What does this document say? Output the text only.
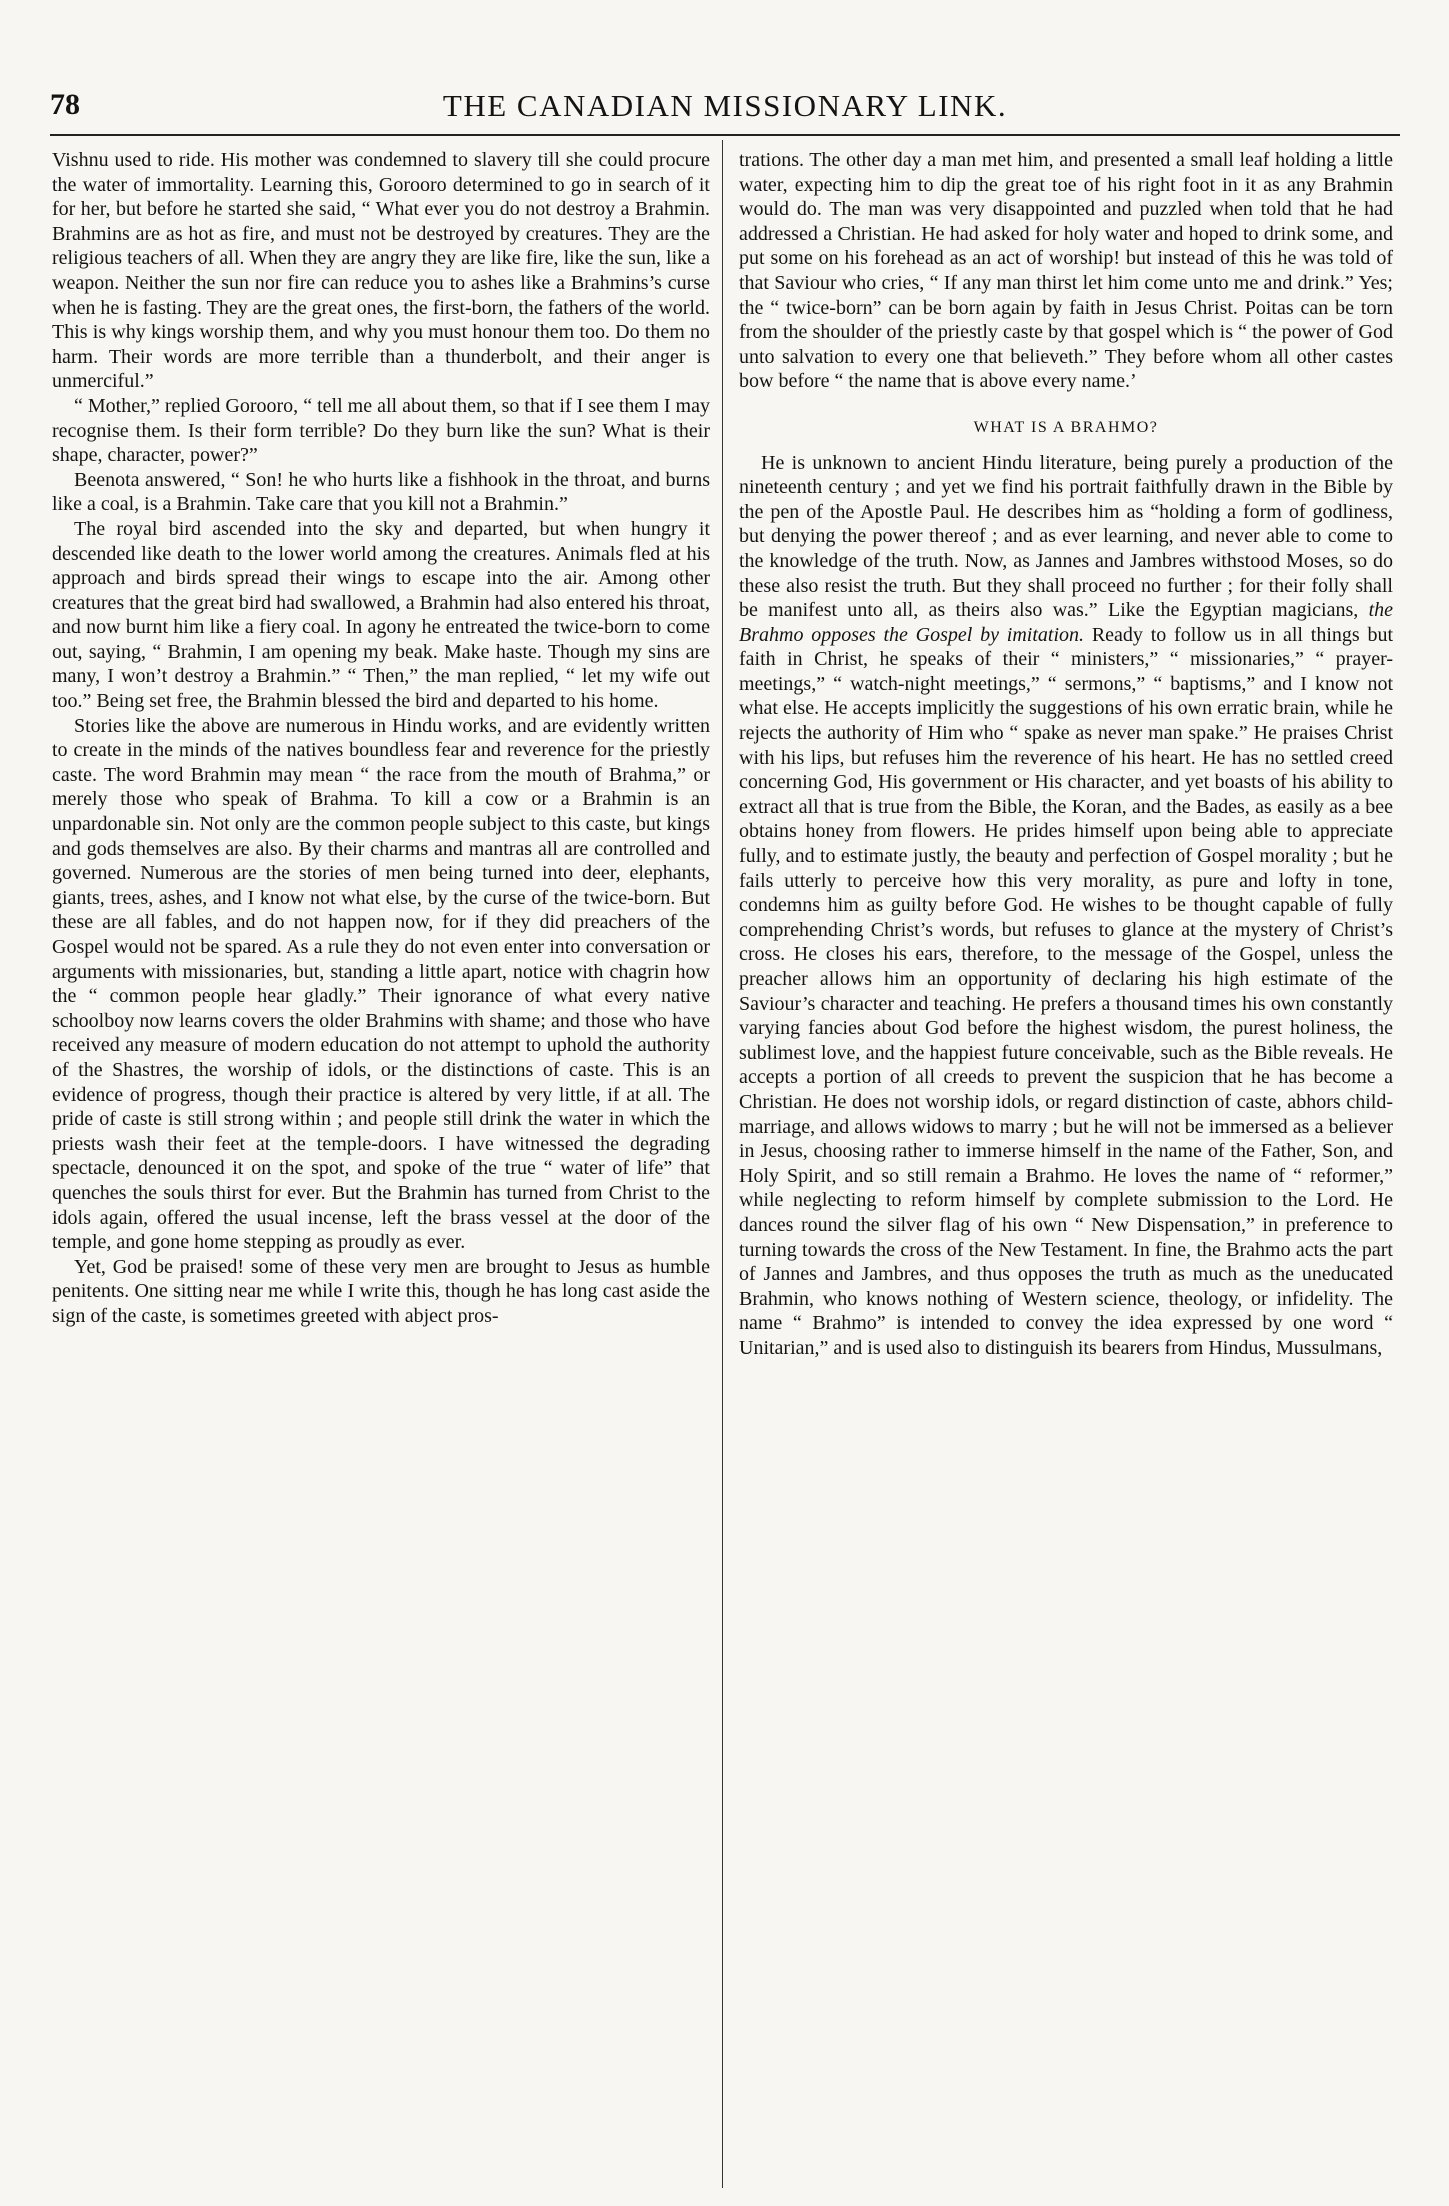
78	THE CANADIAN MISSIONARY LINK.

Vishnu used to ride. His mother was condemned to slavery till she could procure the water of immortality. Learning this, Gorooro determined to go in search of it for her, but before he started she said, “ What ever you do not destroy a Brahmin. Brahmins are as hot as fire, and must not be destroyed by creatures. They are the religious teachers of all. When they are angry they are like fire, like the sun, like a weapon. Neither the sun nor fire can reduce you to ashes like a Brahmins’s curse when he is fasting. They are the great ones, the first-born, the fathers of the world. This is why kings worship them, and why you must honour them too. Do them no harm. Their words are more terrible than a thunderbolt, and their anger is unmerciful.”

“ Mother,” replied Gorooro, “ tell me all about them, so that if I see them I may recognise them. Is their form terrible? Do they burn like the sun? What is their shape, character, power?”

Beenota answered, “ Son! he who hurts like a fishhook in the throat, and burns like a coal, is a Brahmin. Take care that you kill not a Brahmin.”

The royal bird ascended into the sky and departed, but when hungry it descended like death to the lower world among the creatures. Animals fled at his approach and birds spread their wings to escape into the air. Among other creatures that the great bird had swallowed, a Brahmin had also entered his throat, and now burnt him like a fiery coal. In agony he entreated the twice-born to come out, saying, “ Brahmin, I am opening my beak. Make haste. Though my sins are many, I won’t destroy a Brahmin.” “ Then,” the man replied, “ let my wife out too.” Being set free, the Brahmin blessed the bird and departed to his home.

Stories like the above are numerous in Hindu works, and are evidently written to create in the minds of the natives boundless fear and reverence for the priestly caste. The word Brahmin may mean “ the race from the mouth of Brahma,” or merely those who speak of Brahma. To kill a cow or a Brahmin is an unpardonable sin. Not only are the common people subject to this caste, but kings and gods themselves are also. By their charms and mantras all are controlled and governed. Numerous are the stories of men being turned into deer, elephants, giants, trees, ashes, and I know not what else, by the curse of the twice-born. But these are all fables, and do not happen now, for if they did preachers of the Gospel would not be spared. As a rule they do not even enter into conversation or arguments with missionaries, but, standing a little apart, notice with chagrin how the “ common people hear gladly.” Their ignorance of what every native schoolboy now learns covers the older Brahmins with shame; and those who have received any measure of modern education do not attempt to uphold the authority of the Shastres, the worship of idols, or the distinctions of caste. This is an evidence of progress, though their practice is altered by very little, if at all. The pride of caste is still strong within ; and people still drink the water in which the priests wash their feet at the temple-doors. I have witnessed the degrading spectacle, denounced it on the spot, and spoke of the true “ water of life” that quenches the souls thirst for ever. But the Brahmin has turned from Christ to the idols again, offered the usual incense, left the brass vessel at the door of the temple, and gone home stepping as proudly as ever.

Yet, God be praised! some of these very men are brought to Jesus as humble penitents. One sitting near me while I write this, though he has long cast aside the sign of the caste, is sometimes greeted with abject pros-

trations. The other day a man met him, and presented a small leaf holding a little water, expecting him to dip the great toe of his right foot in it as any Brahmin would do. The man was very disappointed and puzzled when told that he had addressed a Christian. He had asked for holy water and hoped to drink some, and put some on his forehead as an act of worship! but instead of this he was told of that Saviour who cries, “ If any man thirst let him come unto me and drink.” Yes; the “ twice-born” can be born again by faith in Jesus Christ. Poitas can be torn from the shoulder of the priestly caste by that gospel which is “ the power of God unto salvation to every one that believeth.” They before whom all other castes bow before “ the name that is above every name.’

WHAT IS A BRAHMO?

He is unknown to ancient Hindu literature, being purely a production of the nineteenth century ; and yet we find his portrait faithfully drawn in the Bible by the pen of the Apostle Paul. He describes him as “holding a form of godliness, but denying the power thereof ; and as ever learning, and never able to come to the knowledge of the truth. Now, as Jannes and Jambres withstood Moses, so do these also resist the truth. But they shall proceed no further ; for their folly shall be manifest unto all, as theirs also was.” Like the Egyptian magicians, the Brahmo opposes the Gospel by imitation. Ready to follow us in all things but faith in Christ, he speaks of their “ ministers,” “ missionaries,” “ prayer-meetings,” “ watch-night meetings,” “ sermons,” “ baptisms,” and I know not what else. He accepts implicitly the suggestions of his own erratic brain, while he rejects the authority of Him who “ spake as never man spake.” He praises Christ with his lips, but refuses him the reverence of his heart. He has no settled creed concerning God, His government or His character, and yet boasts of his ability to extract all that is true from the Bible, the Koran, and the Bades, as easily as a bee obtains honey from flowers. He prides himself upon being able to appreciate fully, and to estimate justly, the beauty and perfection of Gospel morality ; but he fails utterly to perceive how this very morality, as pure and lofty in tone, condemns him as guilty before God. He wishes to be thought capable of fully comprehending Christ’s words, but refuses to glance at the mystery of Christ’s cross. He closes his ears, therefore, to the message of the Gospel, unless the preacher allows him an opportunity of declaring his high estimate of the Saviour’s character and teaching. He prefers a thousand times his own constantly varying fancies about God before the highest wisdom, the purest holiness, the sublimest love, and the happiest future conceivable, such as the Bible reveals. He accepts a portion of all creeds to prevent the suspicion that he has become a Christian. He does not worship idols, or regard distinction of caste, abhors child-marriage, and allows widows to marry ; but he will not be immersed as a believer in Jesus, choosing rather to immerse himself in the name of the Father, Son, and Holy Spirit, and so still remain a Brahmo. He loves the name of “ reformer,” while neglecting to reform himself by complete submission to the Lord. He dances round the silver flag of his own “ New Dispensation,” in preference to turning towards the cross of the New Testament. In fine, the Brahmo acts the part of Jannes and Jambres, and thus opposes the truth as much as the uneducated Brahmin, who knows nothing of Western science, theology, or infidelity. The name “ Brahmo” is intended to convey the idea expressed by one word “ Unitarian,” and is used also to distinguish its bearers from Hindus, Mussulmans,
